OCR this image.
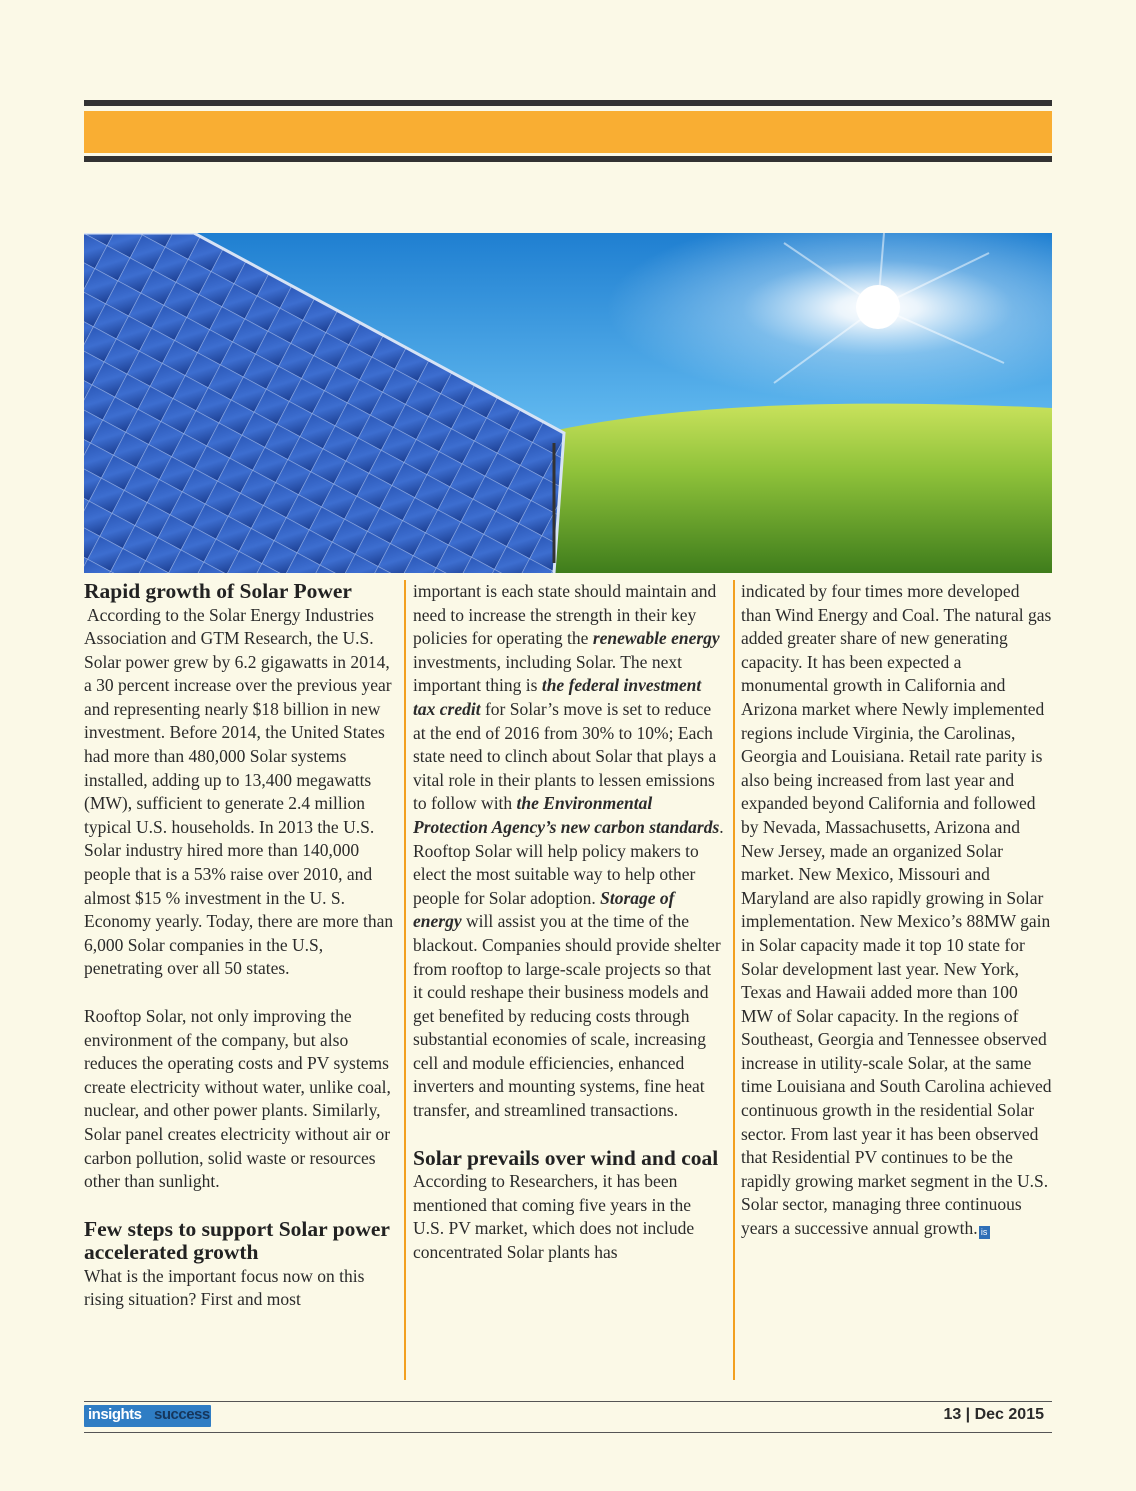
Rapid growth of Solar Power

According to the Solar Energy Industries Association and GTM Research, the U.S. Solar power grew by 6.2 gigawatts in 2014, a 30 percent increase over the previous year and representing nearly $18 billion in new investment. Before 2014, the United States had more than 480,000 Solar systems installed, adding up to 13,400 megawatts (MW), sufficient to generate 2.4 million typical U.S. households. In 2013 the U.S. Solar industry hired more than 140,000 people that is a 53% raise over 2010, and almost $15 % investment in the U. S. Economy yearly. Today, there are more than 6,000 Solar companies in the U.S, penetrating over all 50 states.

Rooftop Solar, not only improving the environment of the company, but also reduces the operating costs and PV systems create electricity without water, unlike coal, nuclear, and other power plants. Similarly, Solar panel creates electricity without air or carbon pollution, solid waste or resources other than sunlight.

Few steps to support Solar power accelerated growth

What is the important focus now on this rising situation? First and most

important is each state should maintain and need to increase the strength in their key policies for operating the renewable energy investments, including Solar. The next important thing is the federal investment tax credit for Solar’s move is set to reduce at the end of 2016 from 30% to 10%; Each state need to clinch about Solar that plays a vital role in their plants to lessen emissions to follow with the Environmental Protection Agency’s new carbon standards. Rooftop Solar will help policy makers to elect the most suitable way to help other people for Solar adoption. Storage of energy will assist you at the time of the blackout. Companies should provide shelter from rooftop to large-scale projects so that it could reshape their business models and get benefited by reducing costs through substantial economies of scale, increasing cell and module efficiencies, enhanced inverters and mounting systems, fine heat transfer, and streamlined transactions.

Solar prevails over wind and coal

According to Researchers, it has been mentioned that coming five years in the U.S. PV market, which does not include concentrated Solar plants has

indicated by four times more developed than Wind Energy and Coal. The natural gas added greater share of new generating capacity. It has been expected a monumental growth in California and Arizona market where Newly implemented regions include Virginia, the Carolinas, Georgia and Louisiana. Retail rate parity is also being increased from last year and expanded beyond California and followed by Nevada, Massachusetts, Arizona and New Jersey, made an organized Solar market. New Mexico, Missouri and Maryland are also rapidly growing in Solar implementation. New Mexico’s 88MW gain in Solar capacity made it top 10 state for Solar development last year. New York, Texas and Hawaii added more than 100 MW of Solar capacity. In the regions of Southeast, Georgia and Tennessee observed increase in utility-scale Solar, at the same time Louisiana and South Carolina achieved continuous growth in the residential Solar sector. From last year it has been observed that Residential PV continues to be the rapidly growing market segment in the U.S. Solar sector, managing three continuous years a successive annual growth. is

insights success	13 | Dec 2015
